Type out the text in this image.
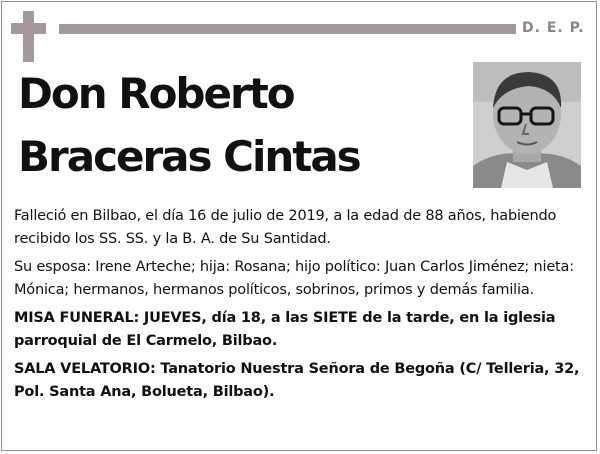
D. E. P.
Don Roberto
Braceras Cintas

Falleció en Bilbao, el día 16 de julio de 2019, a la edad de 88 años, habiendo recibido los SS. SS. y la B. A. de Su Santidad.

Su esposa: Irene Arteche; hija: Rosana; hijo político: Juan Carlos Jiménez; nieta: Mónica; hermanos, hermanos políticos, sobrinos, primos y demás familia.

MISA FUNERAL: JUEVES, día 18, a las SIETE de la tarde, en la iglesia parroquial de El Carmelo, Bilbao.

SALA VELATORIO: Tanatorio Nuestra Señora de Begoña (C/ Telleria, 32, Pol. Santa Ana, Bolueta, Bilbao).
